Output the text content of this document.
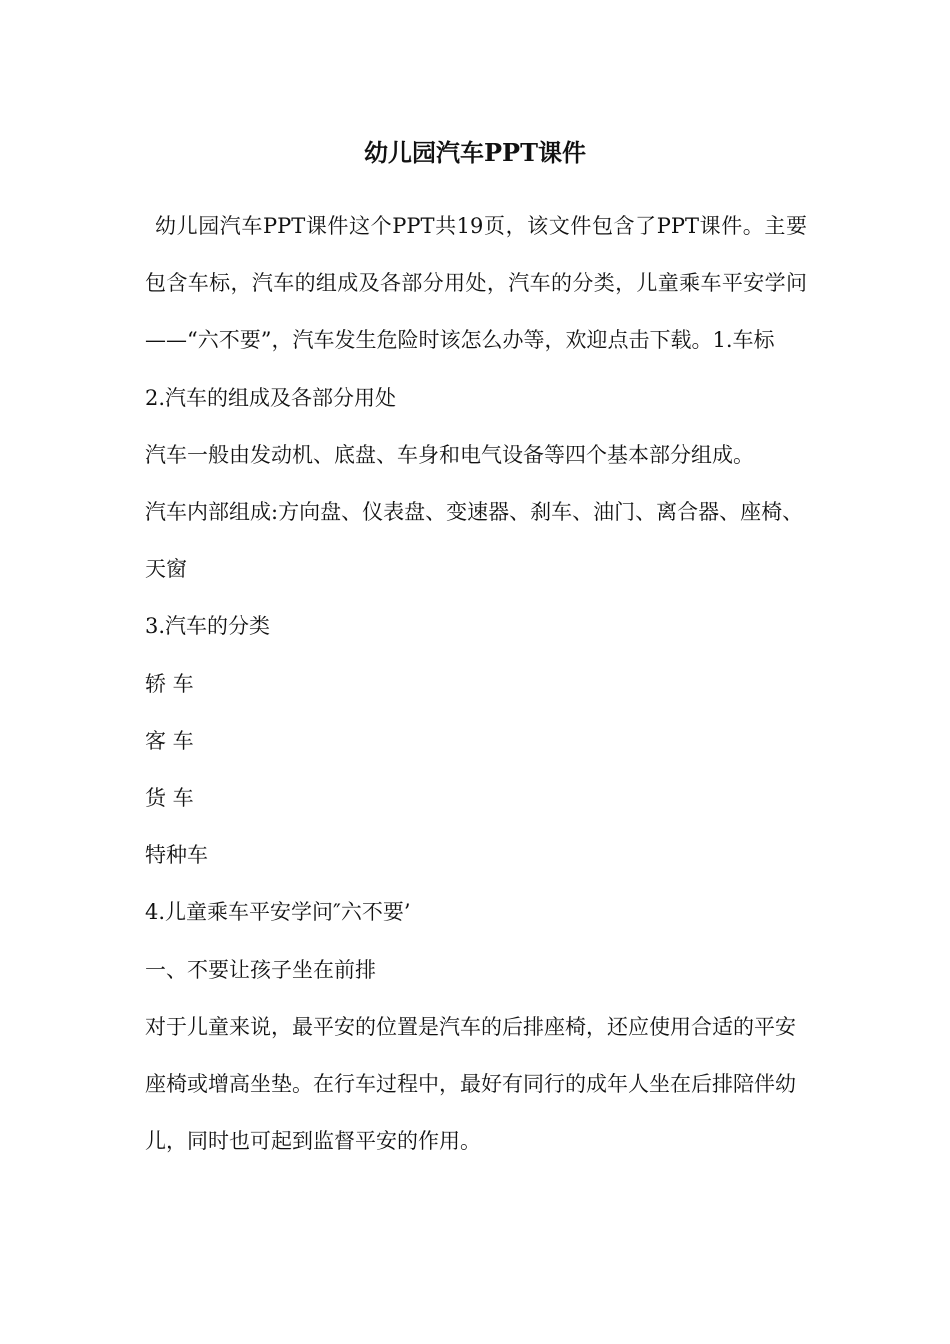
幼儿园汽车PPT课件

幼儿园汽车PPT课件这个PPT共19页，该文件包含了PPT课件。主要包含车标，汽车的组成及各部分用处，汽车的分类，儿童乘车平安学问——“六不要”，汽车发生危险时该怎么办等，欢迎点击下载。1.车标

2.汽车的组成及各部分用处

汽车一般由发动机、底盘、车身和电气设备等四个基本部分组成。

汽车内部组成:方向盘、仪表盘、变速器、刹车、油门、离合器、座椅、天窗

3.汽车的分类

轿 车

客 车

货 车

特种车

4.儿童乘车平安学问″六不要’

一、不要让孩子坐在前排

对于儿童来说，最平安的位置是汽车的后排座椅，还应使用合适的平安座椅或增高坐垫。在行车过程中，最好有同行的成年人坐在后排陪伴幼儿，同时也可起到监督平安的作用。
